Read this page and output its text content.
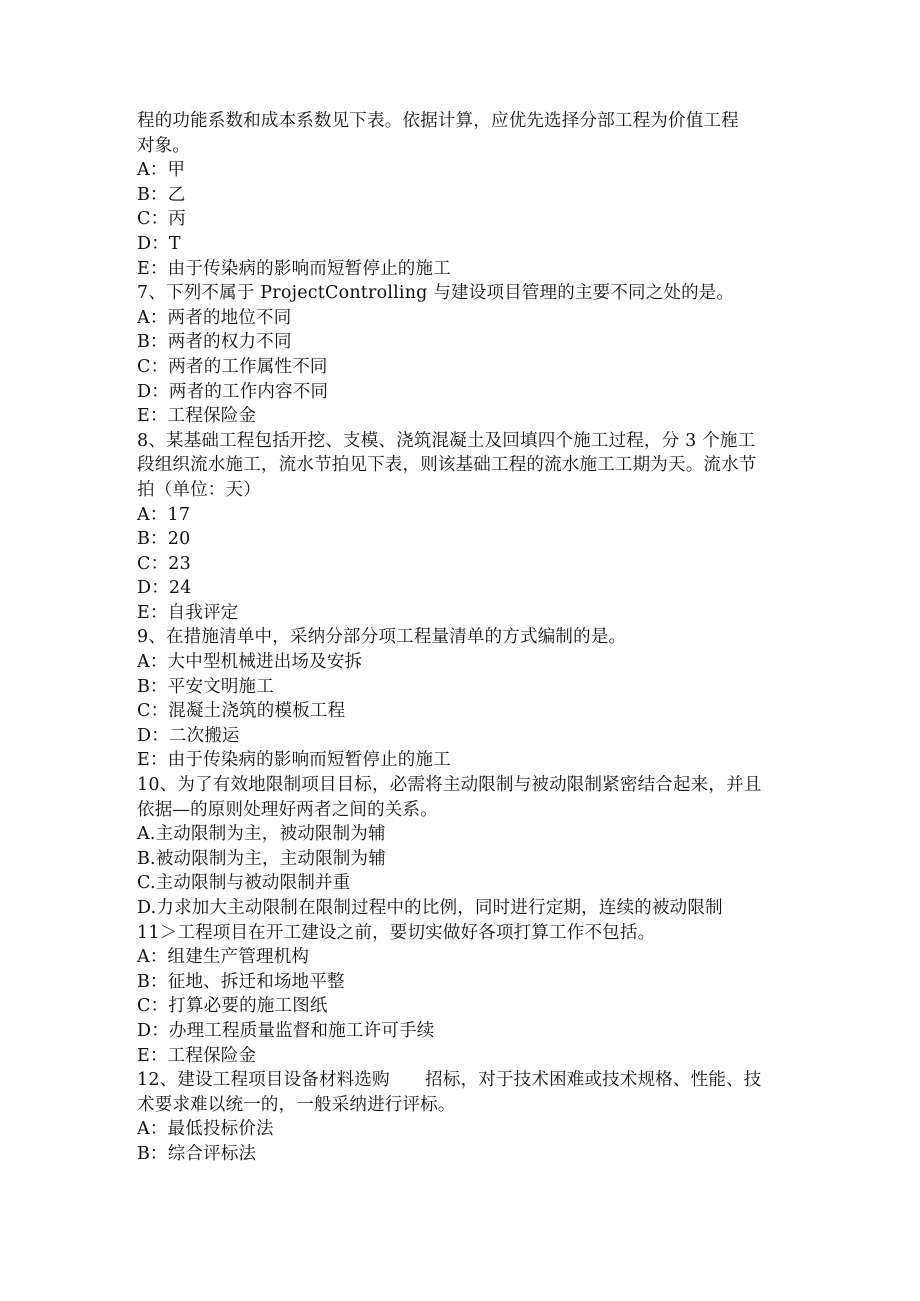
程的功能系数和成本系数见下表。依据计算，应优先选择分部工程为价值工程
对象。
A：甲
B：乙
C：丙
D：T
E：由于传染病的影响而短暂停止的施工
7、下列不属于 ProjectControlling 与建设项目管理的主要不同之处的是。
A：两者的地位不同
B：两者的权力不同
C：两者的工作属性不同
D：两者的工作内容不同
E：工程保险金
8、某基础工程包括开挖、支模、浇筑混凝土及回填四个施工过程，分 3 个施工
段组织流水施工，流水节拍见下表，则该基础工程的流水施工工期为天。流水节
拍（单位：天）
A：17
B：20
C：23
D：24
E：自我评定
9、在措施清单中，采纳分部分项工程量清单的方式编制的是。
A：大中型机械进出场及安拆
B：平安文明施工
C：混凝土浇筑的模板工程
D：二次搬运
E：由于传染病的影响而短暂停止的施工
10、为了有效地限制项目目标，必需将主动限制与被动限制紧密结合起来，并且
依据—的原则处理好两者之间的关系。
A.主动限制为主，被动限制为辅
B.被动限制为主，主动限制为辅
C.主动限制与被动限制并重
D.力求加大主动限制在限制过程中的比例，同时进行定期，连续的被动限制
11＞工程项目在开工建设之前，要切实做好各项打算工作不包括。
A：组建生产管理机构
B：征地、拆迁和场地平整
C：打算必要的施工图纸
D：办理工程质量监督和施工许可手续
E：工程保险金
12、建设工程项目设备材料选购　　招标，对于技术困难或技术规格、性能、技
术要求难以统一的，一般采纳进行评标。
A：最低投标价法
B：综合评标法
